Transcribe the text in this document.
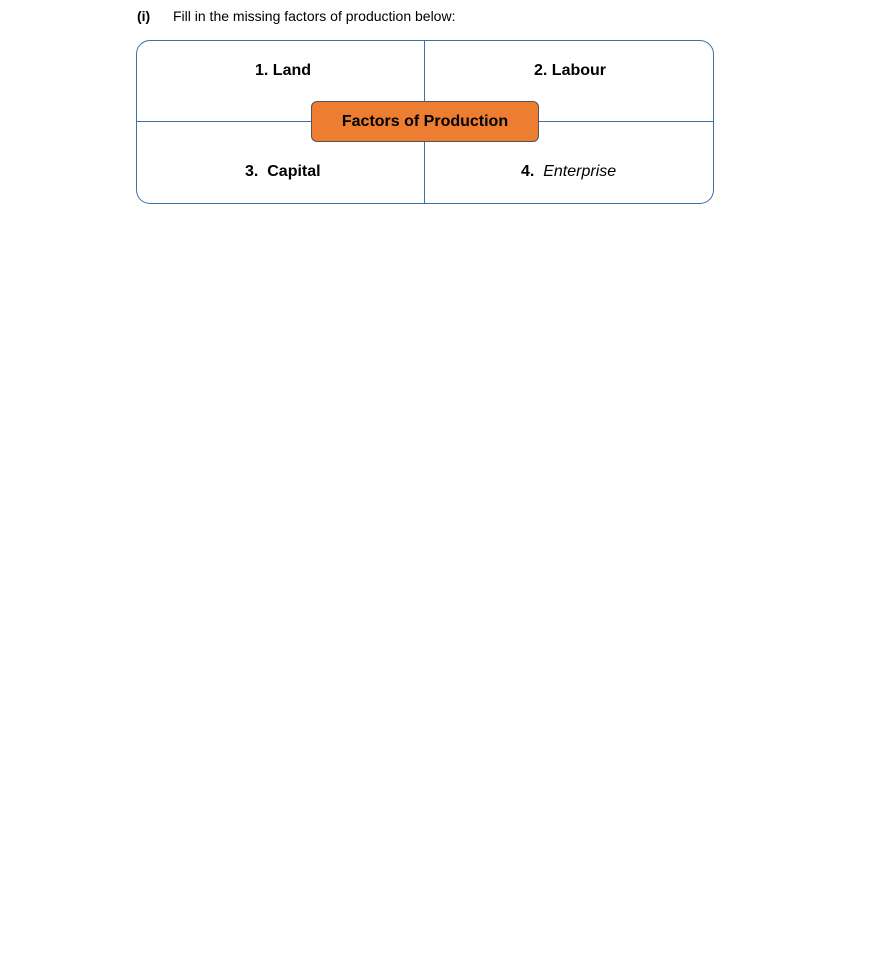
(i) Fill in the missing factors of production below:
1. Land	2. Labour
3. Capital	4. Enterprise
Factors of Production
